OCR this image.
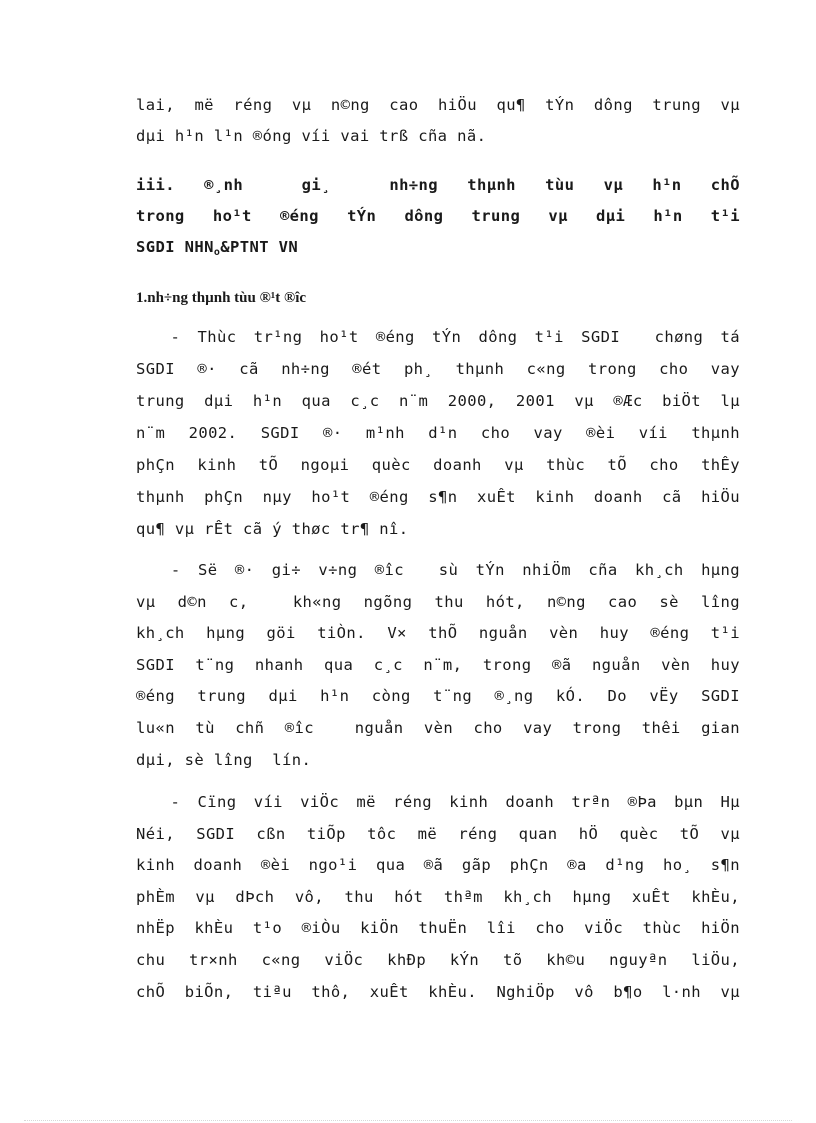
lai, më réng vµ n©ng cao hiÖu qu¶ tÝn dông trung vµ
dµi h¹n l¹n ®óng víi vai trß cña nã.
iii. ®¸nh  gi¸  nh÷ng thµnh tùu vµ h¹n chÕ
trong ho¹t ®éng tÝn dông trung vµ dµi h¹n t¹i
SGDI $NHN_o\&PTNT$ VN
1.nh÷ng thµnh tùu ®¹t ®îc
- Thùc tr¹ng ho¹t ®éng tÝn dông t¹i SGDI  chøng tá
SGDI ®· cã nh÷ng ®ét ph¸ thµnh c«ng trong cho vay
trung dµi h¹n qua c¸c n¨m 2000, 2001 vµ ®Æc biÖt lµ
n¨m 2002. SGDI ®· m¹nh d¹n cho vay ®èi víi thµnh
phÇn kinh tÕ ngoµi quèc doanh vµ thùc tÕ cho thÊy
thµnh phÇn nµy ho¹t ®éng s¶n xuÊt kinh doanh cã hiÖu
qu¶ vµ rÊt cã ý thøc tr¶ nî.
- Së ®· gi÷ v÷ng ®îc  sù tÝn nhiÖm cña kh¸ch hµng
vµ d©n c,  kh«ng ngõng thu hót, n©ng cao sè lîng
kh¸ch hµng göi tiÒn. V× thÕ nguån vèn huy ®éng t¹i
SGDI t¨ng nhanh qua c¸c n¨m, trong ®ã nguån vèn huy
®éng trung dµi h¹n còng t¨ng ®¸ng kÓ. Do vËy SGDI
lu«n tù chñ ®îc  nguån vèn cho vay trong thêi gian
dµi, sè lîng  lín.
- Cïng víi viÖc më réng kinh doanh trªn ®Þa bµn Hµ
Néi, SGDI cßn tiÕp tôc më réng quan hÖ quèc tÕ vµ
kinh doanh ®èi ngo¹i qua ®ã gãp phÇn ®a d¹ng ho¸ s¶n
phÈm vµ dÞch vô, thu hót thªm kh¸ch hµng xuÊt khÈu,
nhËp khÈu t¹o ®iÒu kiÖn thuËn lîi cho viÖc thùc hiÖn
chu tr×nh c«ng viÖc khÐp kÝn tõ kh©u nguyªn liÖu,
chÕ biÕn, tiªu thô, xuÊt khÈu. NghiÖp vô b¶o l·nh vµ
